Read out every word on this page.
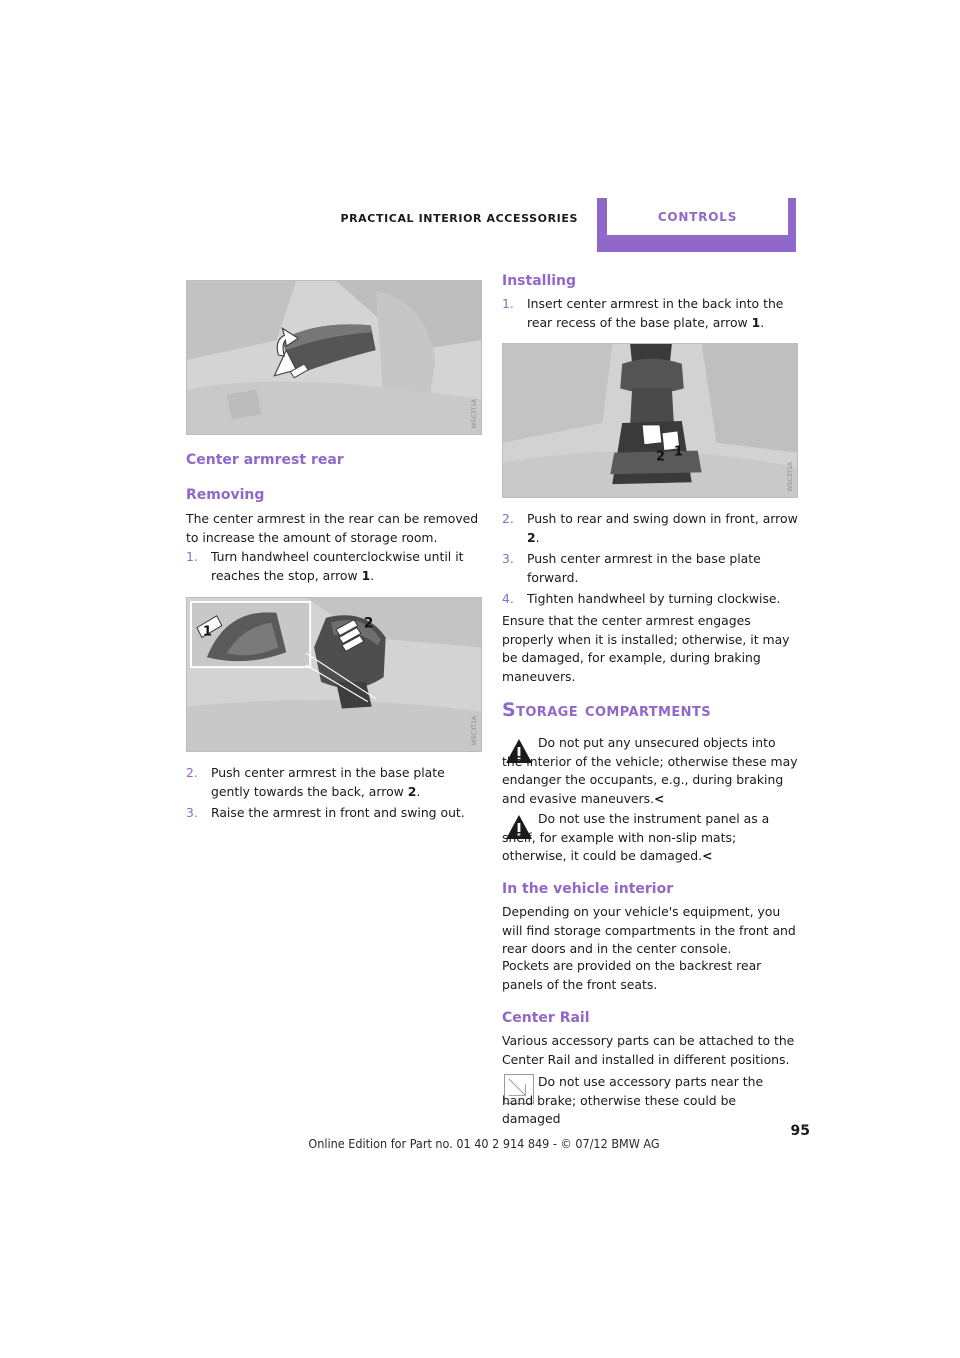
PRACTICAL INTERIOR ACCESSORIES	CONTROLS
W5C3T1A
Center armrest rear
Removing
The center armrest in the rear can be removed to increase the amount of storage room.
1.	Turn handwheel counterclockwise until it reaches the stop, arrow 1.
2
1
W5C3T1A
2.	Push center armrest in the base plate gently towards the back, arrow 2.
3.	Raise the armrest in front and swing out.
Installing
1.	Insert center armrest in the back into the rear recess of the base plate, arrow 1.
2 1
W5C3T1A
2.	Push to rear and swing down in front, arrow 2.
3.	Push center armrest in the base plate forward.
4.	Tighten handwheel by turning clockwise.
Ensure that the center armrest engages properly when it is installed; otherwise, it may be damaged, for example, during braking maneuvers.
Storage compartments
Do not put any unsecured objects into the interior of the vehicle; otherwise these may endanger the occupants, e.g., during braking and evasive maneuvers.<
Do not use the instrument panel as a shelf, for example with non-slip mats; otherwise, it could be damaged.<
In the vehicle interior
Depending on your vehicle's equipment, you will find storage compartments in the front and rear doors and in the center console.
Pockets are provided on the backrest rear panels of the front seats.
Center Rail
Various accessory parts can be attached to the Center Rail and installed in different positions.
Do not use accessory parts near the hand brake; otherwise these could be damaged
95
Online Edition for Part no. 01 40 2 914 849 - © 07/12 BMW AG
